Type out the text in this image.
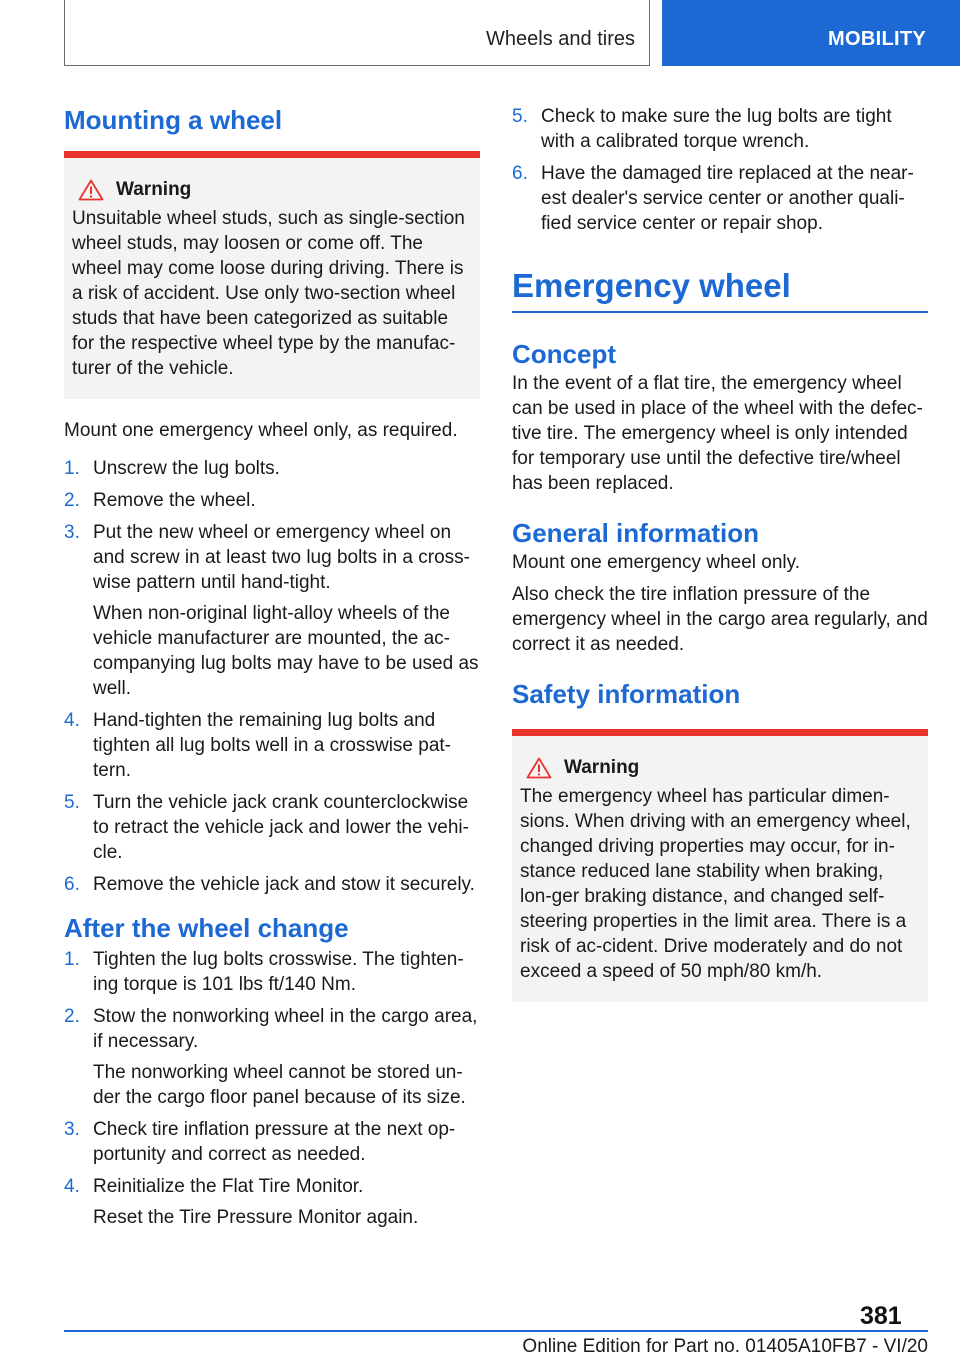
Wheels and tires	MOBILITY
Mounting a wheel
Warning

Unsuitable wheel studs, such as single-section wheel studs, may loosen or come off. The wheel may come loose during driving. There is a risk of accident. Use only two-section wheel studs that have been categorized as suitable for the respective wheel type by the manufac-turer of the vehicle.

Mount one emergency wheel only, as required.

1. Unscrew the lug bolts.
2. Remove the wheel.
3. Put the new wheel or emergency wheel on and screw in at least two lug bolts in a cross-wise pattern until hand-tight.
When non-original light-alloy wheels of the vehicle manufacturer are mounted, the ac-companying lug bolts may have to be used as well.
4. Hand-tighten the remaining lug bolts and tighten all lug bolts well in a crosswise pat-tern.
5. Turn the vehicle jack crank counterclockwise to retract the vehicle jack and lower the vehi-cle.
6. Remove the vehicle jack and stow it securely.
After the wheel change
1. Tighten the lug bolts crosswise. The tighten-ing torque is 101 lbs ft/140 Nm.
2. Stow the nonworking wheel in the cargo area, if necessary.
The nonworking wheel cannot be stored un-der the cargo floor panel because of its size.
3. Check tire inflation pressure at the next op-portunity and correct as needed.
4. Reinitialize the Flat Tire Monitor.
Reset the Tire Pressure Monitor again.
5. Check to make sure the lug bolts are tight with a calibrated torque wrench.
6. Have the damaged tire replaced at the near-est dealer's service center or another quali-fied service center or repair shop.
Emergency wheel
Concept

In the event of a flat tire, the emergency wheel can be used in place of the wheel with the defec-tive tire. The emergency wheel is only intended for temporary use until the defective tire/wheel has been replaced.

General information

Mount one emergency wheel only.

Also check the tire inflation pressure of the emergency wheel in the cargo area regularly, and correct it as needed.

Safety information
Warning

The emergency wheel has particular dimen-sions. When driving with an emergency wheel, changed driving properties may occur, for in-stance reduced lane stability when braking, lon-ger braking distance, and changed self-steering properties in the limit area. There is a risk of ac-cident. Drive moderately and do not exceed a speed of 50 mph/80 km/h.

381
Online Edition for Part no. 01405A10FB7 - VI/20
